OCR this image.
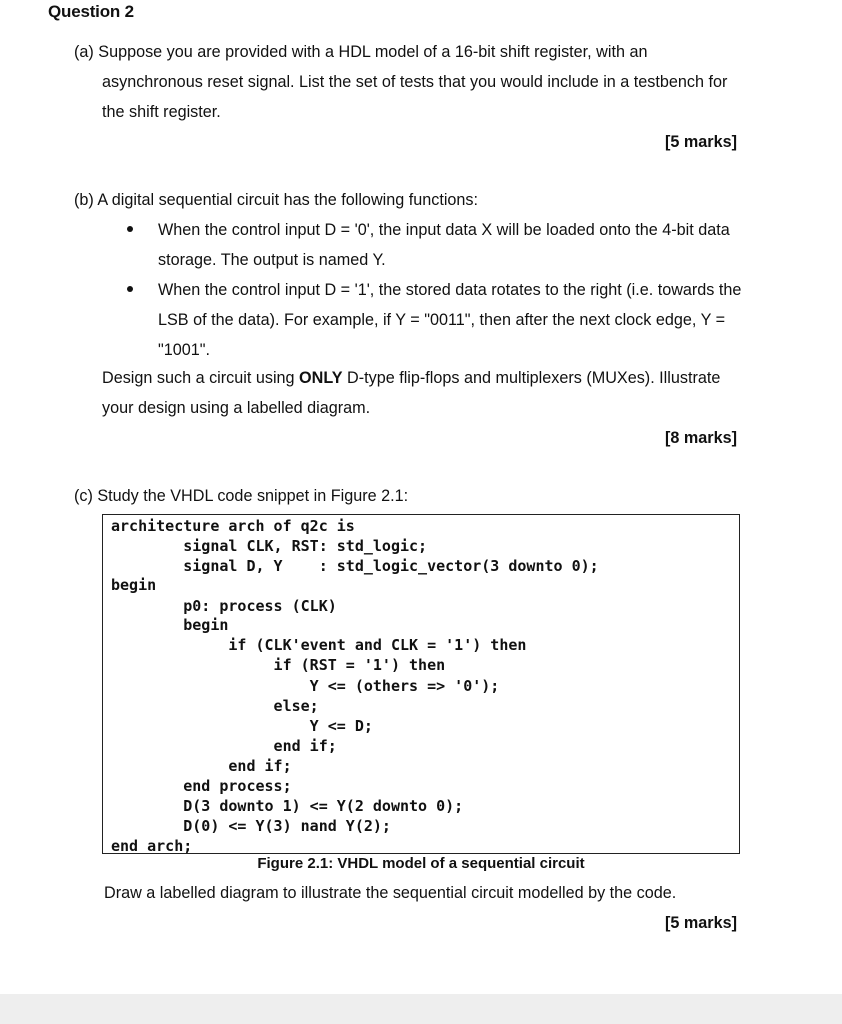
Question 2
(a) Suppose you are provided with a HDL model of a 16-bit shift register, with an
asynchronous reset signal. List the set of tests that you would include in a testbench for
the shift register.
[5 marks]
(b) A digital sequential circuit has the following functions:
When the control input D = '0', the input data X will be loaded onto the 4-bit data
storage. The output is named Y.
When the control input D = '1', the stored data rotates to the right (i.e. towards the
LSB of the data). For example, if Y = "0011", then after the next clock edge, Y =
"1001".
Design such a circuit using ONLY D-type flip-flops and multiplexers (MUXes). Illustrate
your design using a labelled diagram.
[8 marks]
(c) Study the VHDL code snippet in Figure 2.1:
architecture arch of q2c is
signal CLK, RST: std_logic;
signal D, Y    : std_logic_vector(3 downto 0);
begin
p0: process (CLK)
begin
if (CLK'event and CLK = '1') then
if (RST = '1') then
Y <= (others => '0');
else;
Y <= D;
end if;
end if;
end process;
D(3 downto 1) <= Y(2 downto 0);
D(0) <= Y(3) nand Y(2);
end arch;
Figure 2.1: VHDL model of a sequential circuit
Draw a labelled diagram to illustrate the sequential circuit modelled by the code.
[5 marks]
